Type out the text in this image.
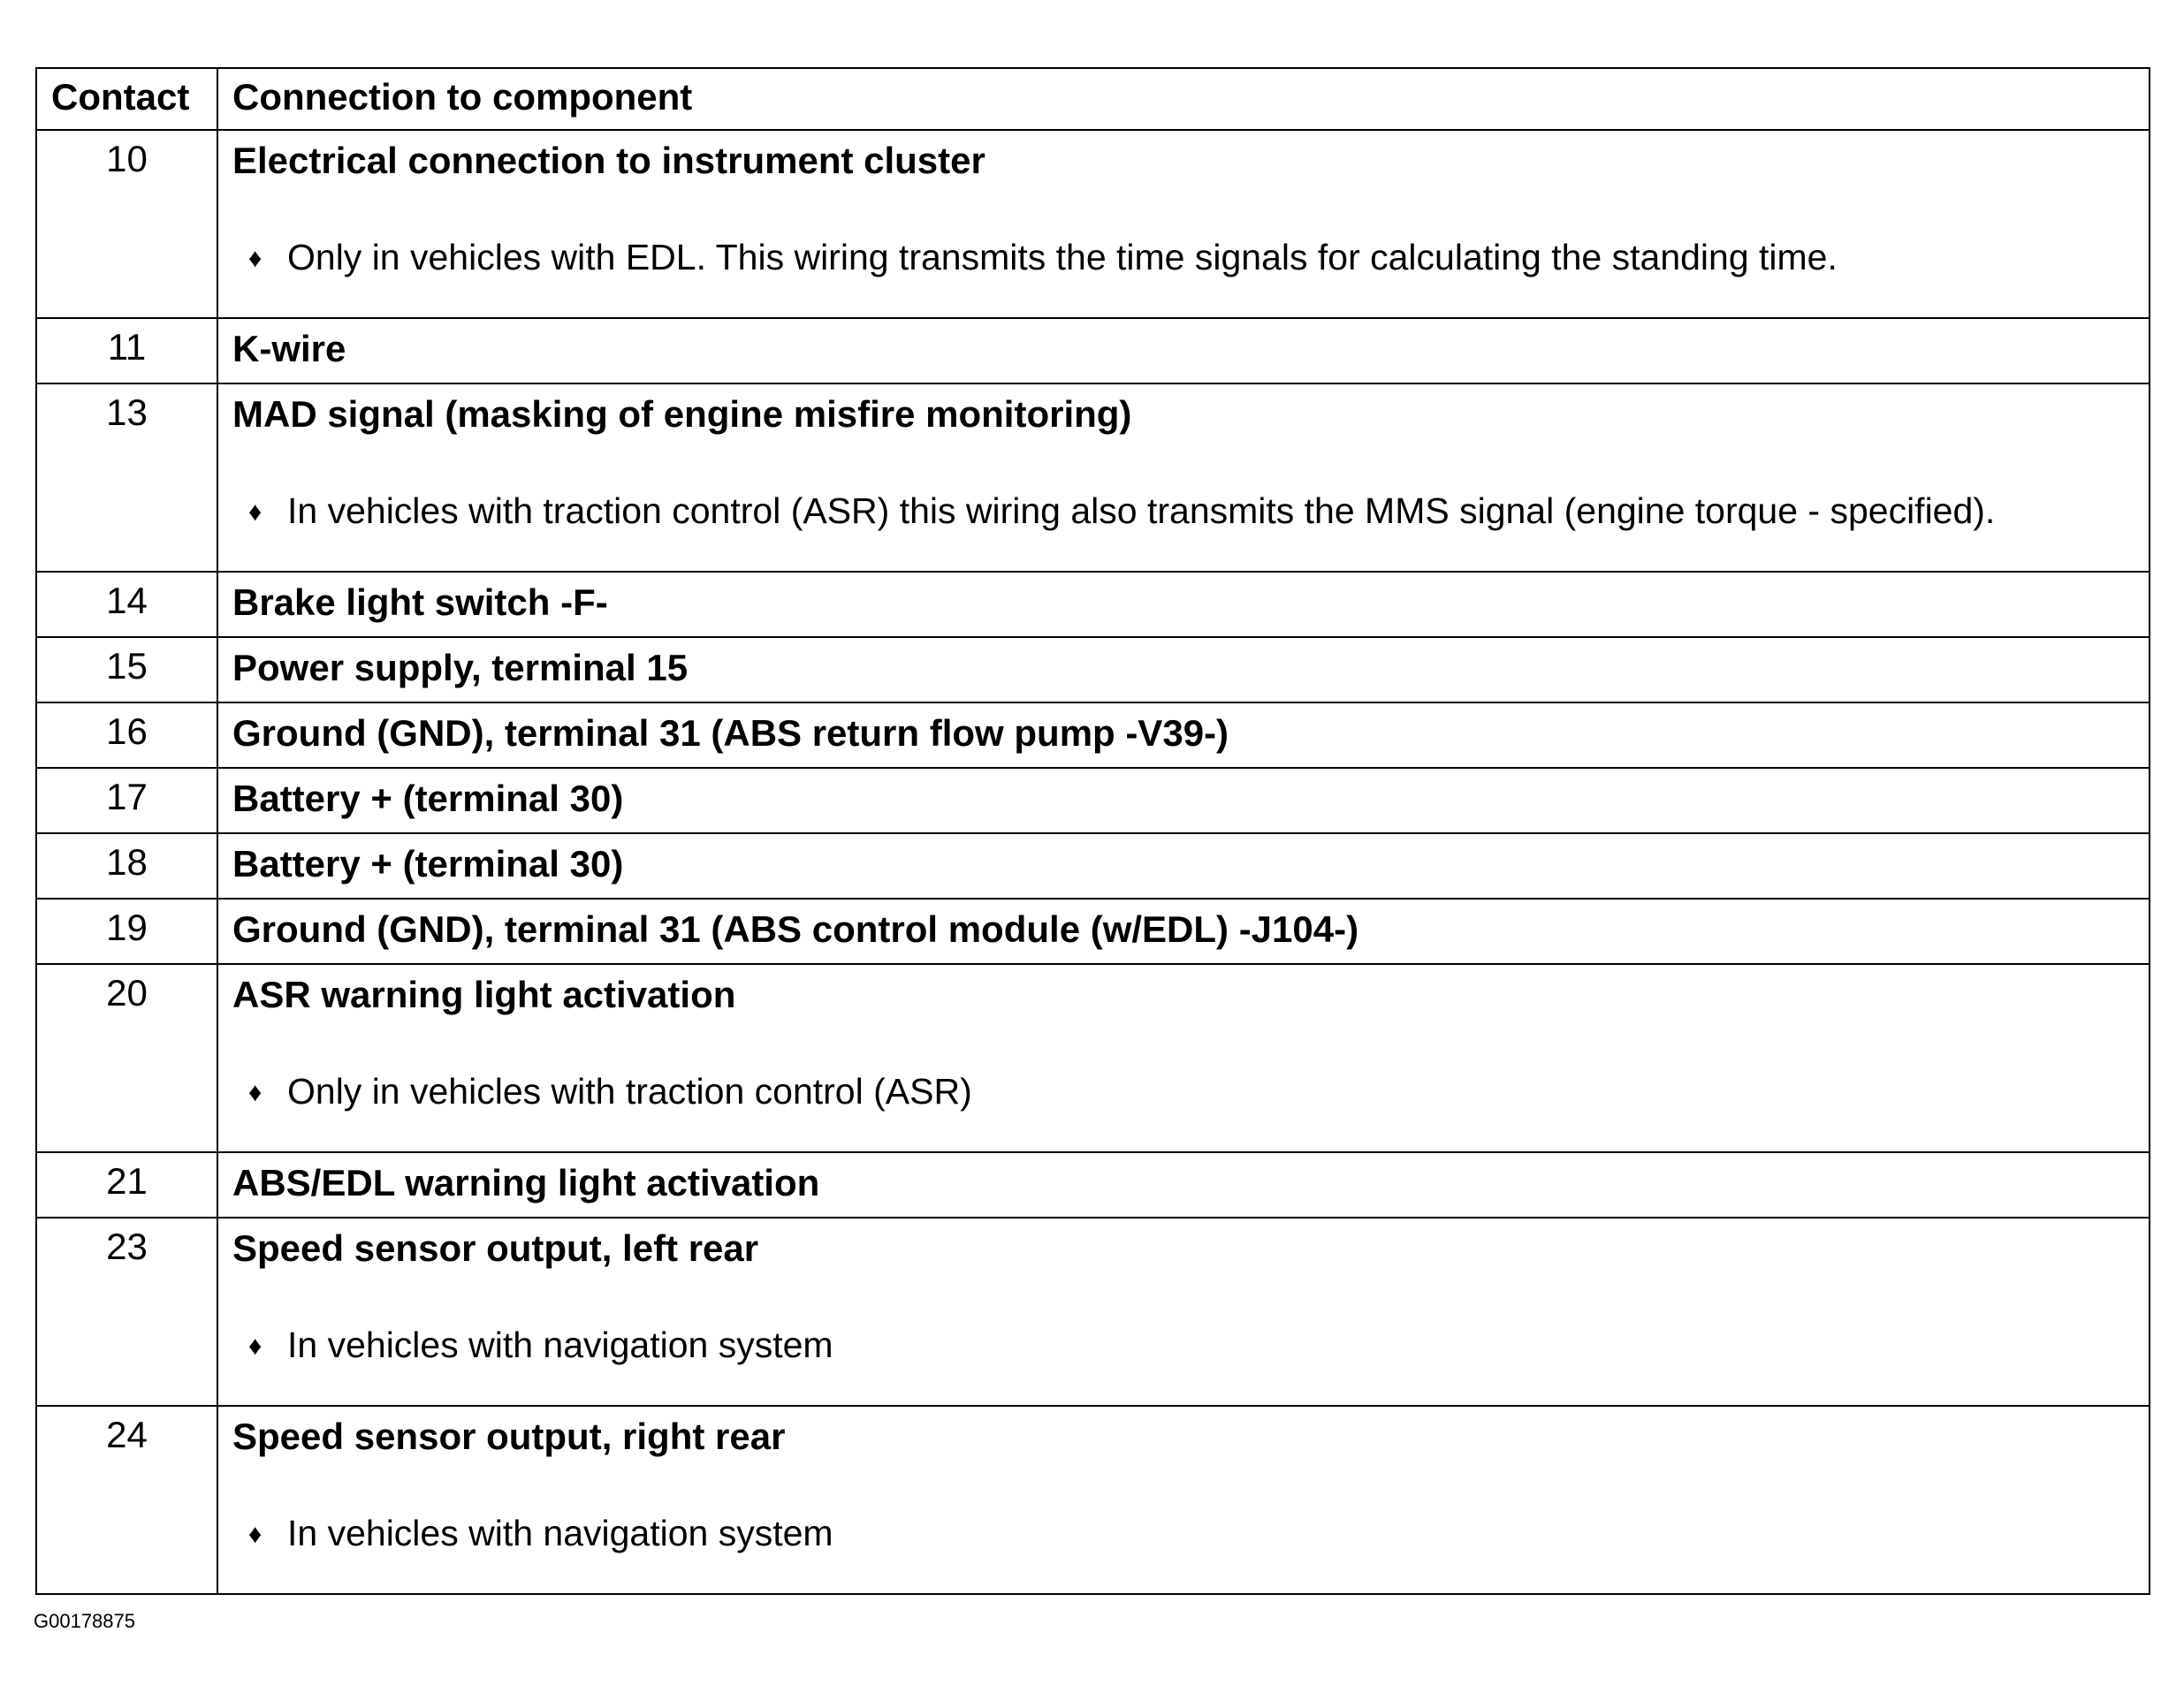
Contact	Connection to component
10	Electrical connection to instrument cluster
♦ Only in vehicles with EDL. This wiring transmits the time signals for calculating the standing time.

11	K-wire

13	MAD signal (masking of engine misfire monitoring)
♦ In vehicles with traction control (ASR) this wiring also transmits the MMS signal (engine torque - specified).

14	Brake light switch -F-

15	Power supply, terminal 15

16	Ground (GND), terminal 31 (ABS return flow pump -V39-)

17	Battery + (terminal 30)

18	Battery + (terminal 30)

19	Ground (GND), terminal 31 (ABS control module (w/EDL) -J104-)

20	ASR warning light activation
♦ Only in vehicles with traction control (ASR)

21	ABS/EDL warning light activation

23	Speed sensor output, left rear
♦ In vehicles with navigation system

24	Speed sensor output, right rear
♦ In vehicles with navigation system
G00178875
